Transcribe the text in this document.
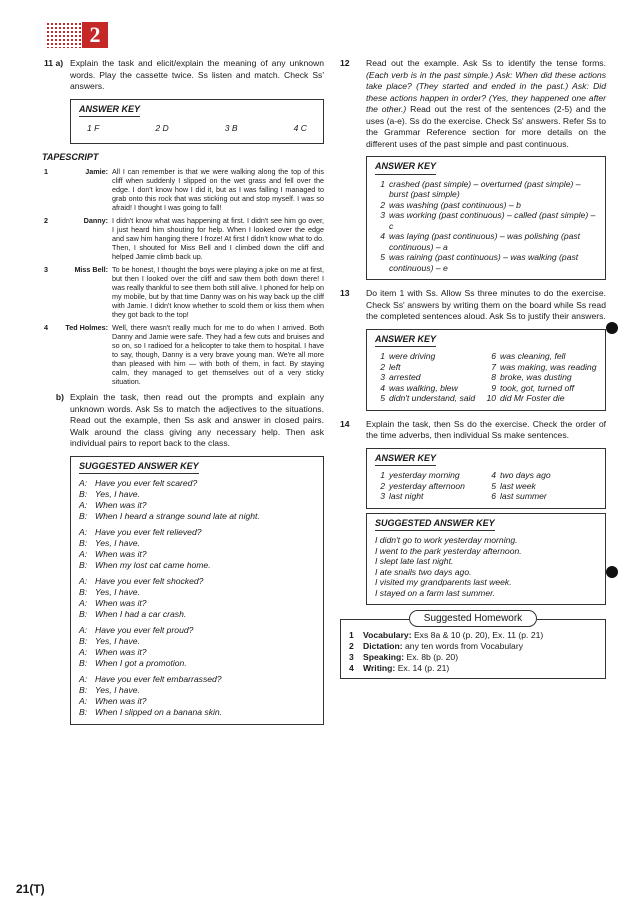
2
11 a) Explain the task and elicit/explain the meaning of any unknown words. Play the cassette twice. Ss listen and match. Check Ss' answers.
ANSWER KEY
1 F	2 D	3 B	4 C
TAPESCRIPT
1	Jamie: All I can remember is that we were walking along the top of this cliff when suddenly I slipped on the wet grass and fell over the edge. I don't know how I did it, but as I was falling I managed to grab onto this rock that was sticking out and stop myself. I was so afraid! I thought I was going to fall!
2	Danny: I didn't know what was happening at first. I didn't see him go over, I just heard him shouting for help. When I looked over the edge and saw him hanging there I froze! At first I didn't know what to do. Then, I shouted for Miss Bell and I climbed down the cliff and helped Jamie climb back up.
3	Miss Bell: To be honest, I thought the boys were playing a joke on me at first, but then I looked over the cliff and saw them both down there! I was really thankful to see them both still alive. I phoned for help on my mobile, but by that time Danny was on his way back up the cliff with Jamie. I didn't know whether to scold them or kiss them when they got back to the top!
4	Ted Holmes: Well, there wasn't really much for me to do when I arrived. Both Danny and Jamie were safe. They had a few cuts and bruises and so on, so I radioed for a helicopter to take them to hospital. I have to say, though, Danny is a very brave young man. We're all more than pleased with him — with both of them, in fact. By staying calm, they managed to get themselves out of a very sticky situation.
b) Explain the task, then read out the prompts and explain any unknown words. Ask Ss to match the adjectives to the situations. Read out the example, then Ss ask and answer in closed pairs. Walk around the class giving any necessary help. Then ask individual pairs to report back to the class.
SUGGESTED ANSWER KEY
A: Have you ever felt scared?
B: Yes, I have.
A: When was it?
B: When I heard a strange sound late at night.
A: Have you ever felt relieved?
B: Yes, I have.
A: When was it?
B: When my lost cat came home.
A: Have you ever felt shocked?
B: Yes, I have.
A: When was it?
B: When I had a car crash.
A: Have you ever felt proud?
B: Yes, I have.
A: When was it?
B: When I got a promotion.
A: Have you ever felt embarrassed?
B: Yes, I have.
A: When was it?
B: When I slipped on a banana skin.
12	Read out the example. Ask Ss to identify the tense forms. (Each verb is in the past simple.) Ask: When did these actions take place? (They started and ended in the past.) Ask: Did these actions happen in order? (Yes, they happened one after the other.) Read out the rest of the sentences (2-5) and the uses (a-e). Ss do the exercise. Check Ss' answers. Refer Ss to the Grammar Reference section for more details on the different uses of the past simple and past continuous.
ANSWER KEY
1 crashed (past simple) – overturned (past simple) – burst (past simple)
2 was washing (past continuous) – b
3 was working (past continuous) – called (past simple) – c
4 was laying (past continuous) – was polishing (past continuous) – a
5 was raining (past continuous) – was walking (past continuous) – e
13	Do item 1 with Ss. Allow Ss three minutes to do the exercise. Check Ss' answers by writing them on the board while Ss read the completed sentences aloud. Ask Ss to justify their answers.
ANSWER KEY
1 were driving
2 left
3 arrested
4 was walking, blew
5 didn't understand, said
6 was cleaning, fell
7 was making, was reading
8 broke, was dusting
9 took, got, turned off
10 did Mr Foster die
14	Explain the task, then Ss do the exercise. Check the order of the time adverbs, then individual Ss make sentences.
ANSWER KEY
1 yesterday morning
2 yesterday afternoon
3 last night
4 two days ago
5 last week
6 last summer
SUGGESTED ANSWER KEY
I didn't go to work yesterday morning.
I went to the park yesterday afternoon.
I slept late last night.
I ate snails two days ago.
I visited my grandparents last week.
I stayed on a farm last summer.
Suggested Homework
1	Vocabulary: Exs 8a & 10 (p. 20), Ex. 11 (p. 21)
2	Dictation: any ten words from Vocabulary
3	Speaking: Ex. 8b (p. 20)
4	Writing: Ex. 14 (p. 21)
21(T)
